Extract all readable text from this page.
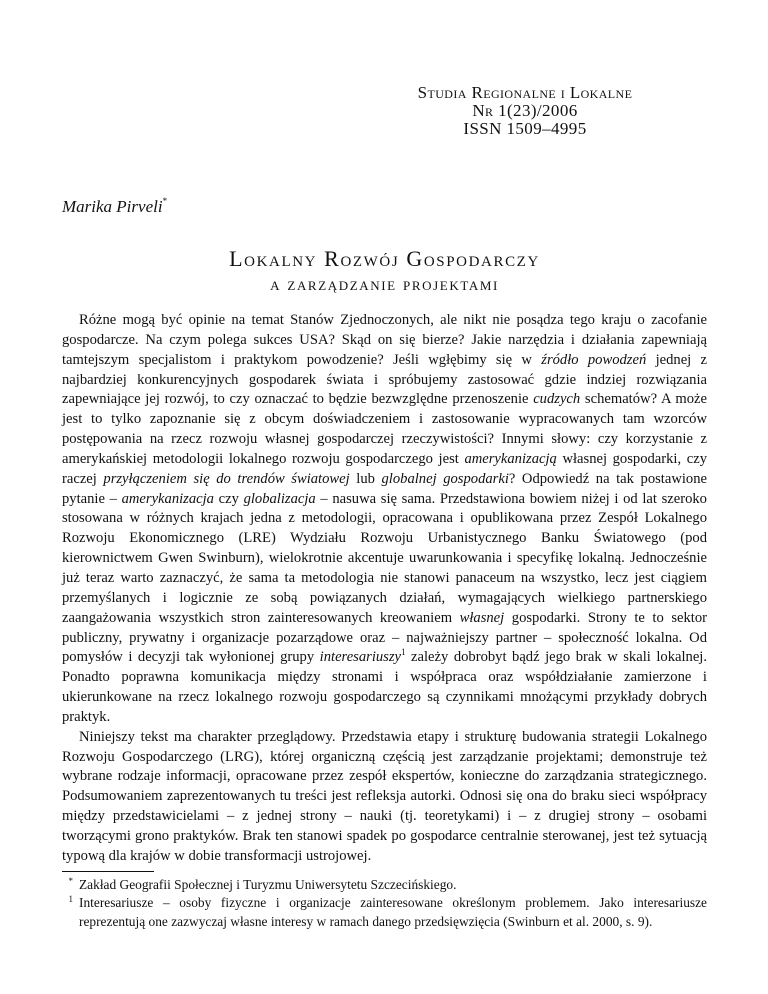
Studia Regionalne i Lokalne
Nr 1(23)/2006
ISSN 1509–4995
Marika Pirveli*
Lokalny Rozwój Gospodarczy
a zarządzanie projektami

Różne mogą być opinie na temat Stanów Zjednoczonych, ale nikt nie posądza tego kraju o zacofanie gospodarcze. Na czym polega sukces USA? Skąd on się bierze? Jakie narzędzia i działania zapewniają tamtejszym specjalistom i praktykom powodzenie? Jeśli wgłębimy się w źródło powodzeń jednej z najbardziej konkurencyjnych gospodarek świata i spróbujemy zastosować gdzie indziej rozwiązania zapewniające jej rozwój, to czy oznaczać to będzie bezwzględne przenoszenie cudzych schematów? A może jest to tylko zapoznanie się z obcym doświadczeniem i zastosowanie wypracowanych tam wzorców postępowania na rzecz rozwoju własnej gospodarczej rzeczywistości? Innymi słowy: czy korzystanie z amerykańskiej metodologii lokalnego rozwoju gospodarczego jest amerykanizacją własnej gospodarki, czy raczej przyłączeniem się do trendów światowej lub globalnej gospodarki? Odpowiedź na tak postawione pytanie – amerykanizacja czy globalizacja – nasuwa się sama. Przedstawiona bowiem niżej i od lat szeroko stosowana w różnych krajach jedna z metodologii, opracowana i opublikowana przez Zespół Lokalnego Rozwoju Ekonomicznego (LRE) Wydziału Rozwoju Urbanistycznego Banku Światowego (pod kierownictwem Gwen Swinburn), wielokrotnie akcentuje uwarunkowania i specyfikę lokalną. Jednocześnie już teraz warto zaznaczyć, że sama ta metodologia nie stanowi panaceum na wszystko, lecz jest ciągiem przemyślanych i logicznie ze sobą powiązanych działań, wymagających wielkiego partnerskiego zaangażowania wszystkich stron zainteresowanych kreowaniem własnej gospodarki. Strony te to sektor publiczny, prywatny i organizacje pozarządowe oraz – najważniejszy partner – społeczność lokalna. Od pomysłów i decyzji tak wyłonionej grupy interesariuszy$^1$ zależy dobrobyt bądź jego brak w skali lokalnej. Ponadto poprawna komunikacja między stronami i współpraca oraz współdziałanie zamierzone i ukierunkowane na rzecz lokalnego rozwoju gospodarczego są czynnikami mnożącymi przykłady dobrych praktyk.

Niniejszy tekst ma charakter przeglądowy. Przedstawia etapy i strukturę budowania strategii Lokalnego Rozwoju Gospodarczego (LRG), której organiczną częścią jest zarządzanie projektami; demonstruje też wybrane rodzaje informacji, opracowane przez zespół ekspertów, konieczne do zarządzania strategicznego. Podsumowaniem zaprezentowanych tu treści jest refleksja autorki. Odnosi się ona do braku sieci współpracy między przedstawicielami – z jednej strony – nauki (tj. teoretykami) i – z drugiej strony – osobami tworzącymi grono praktyków. Brak ten stanowi spadek po gospodarce centralnie sterowanej, jest też sytuacją typową dla krajów w dobie transformacji ustrojowej.

* Zakład Geografii Społecznej i Turyzmu Uniwersytetu Szczecińskiego.

1 Interesariusze – osoby fizyczne i organizacje zainteresowane określonym problemem. Jako interesariusze reprezentują one zazwyczaj własne interesy w ramach danego przedsięwzięcia (Swinburn et al. 2000, s. 9).
